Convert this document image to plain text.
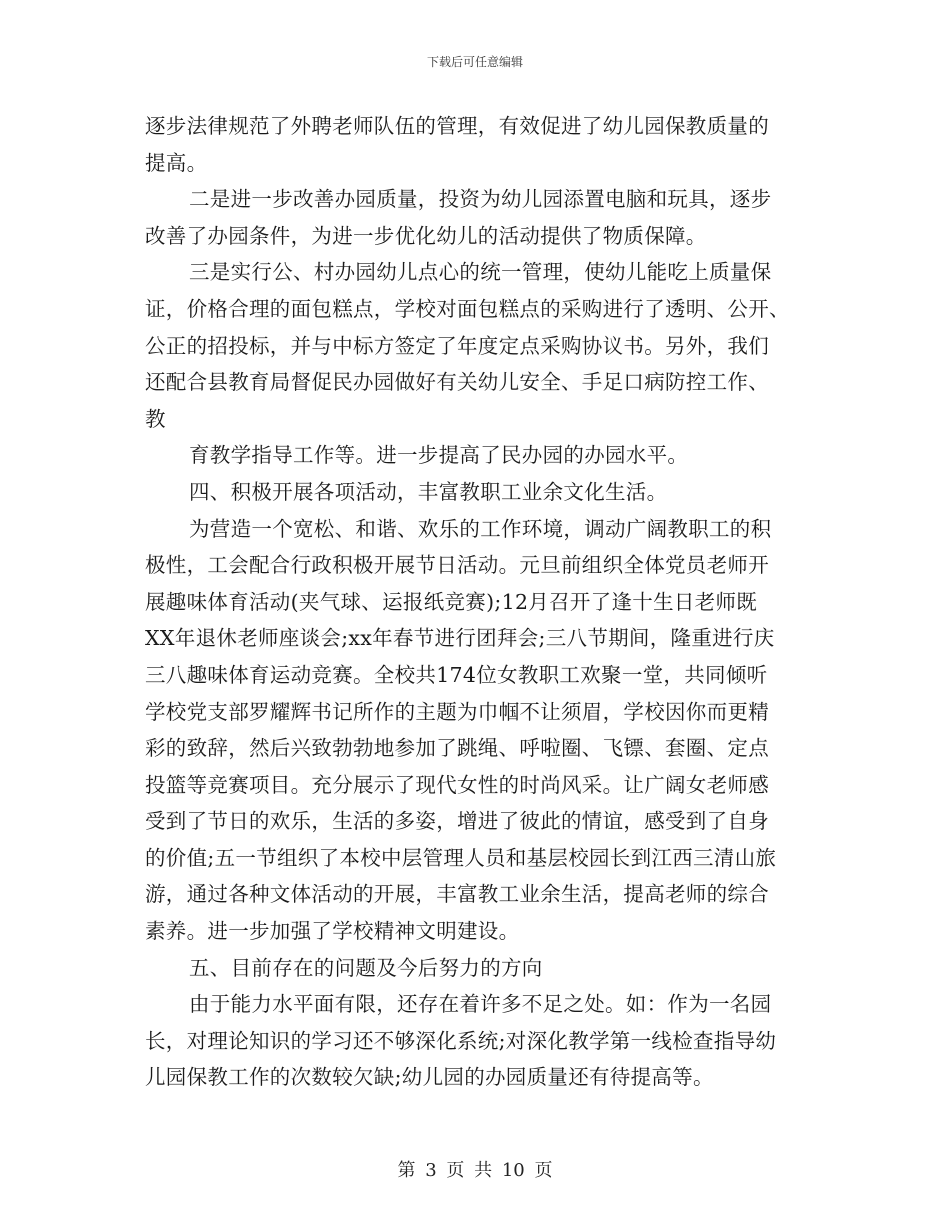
下载后可任意编辑
逐步法律规范了外聘老师队伍的管理，有效促进了幼儿园保教质量的
提高。
二是进一步改善办园质量，投资为幼儿园添置电脑和玩具，逐步
改善了办园条件，为进一步优化幼儿的活动提供了物质保障。
三是实行公、村办园幼儿点心的统一管理，使幼儿能吃上质量保
证，价格合理的面包糕点，学校对面包糕点的采购进行了透明、公开、
公正的招投标，并与中标方签定了年度定点采购协议书。另外，我们
还配合县教育局督促民办园做好有关幼儿安全、手足口病防控工作、
教
育教学指导工作等。进一步提高了民办园的办园水平。
四、积极开展各项活动，丰富教职工业余文化生活。
为营造一个宽松、和谐、欢乐的工作环境，调动广阔教职工的积
极性，工会配合行政积极开展节日活动。元旦前组织全体党员老师开
展趣味体育活动(夹气球、运报纸竞赛);12月召开了逢十生日老师既
XX年退休老师座谈会;xx年春节进行团拜会;三八节期间，隆重进行庆
三八趣味体育运动竞赛。全校共174位女教职工欢聚一堂，共同倾听
学校党支部罗耀辉书记所作的主题为巾帼不让须眉，学校因你而更精
彩的致辞，然后兴致勃勃地参加了跳绳、呼啦圈、飞镖、套圈、定点
投篮等竞赛项目。充分展示了现代女性的时尚风采。让广阔女老师感
受到了节日的欢乐，生活的多姿，增进了彼此的情谊，感受到了自身
的价值;五一节组织了本校中层管理人员和基层校园长到江西三清山旅
游，通过各种文体活动的开展，丰富教工业余生活，提高老师的综合
素养。进一步加强了学校精神文明建设。
五、目前存在的问题及今后努力的方向
由于能力水平面有限，还存在着许多不足之处。如：作为一名园
长，对理论知识的学习还不够深化系统;对深化教学第一线检查指导幼
儿园保教工作的次数较欠缺;幼儿园的办园质量还有待提高等。
第 3 页 共 10 页
